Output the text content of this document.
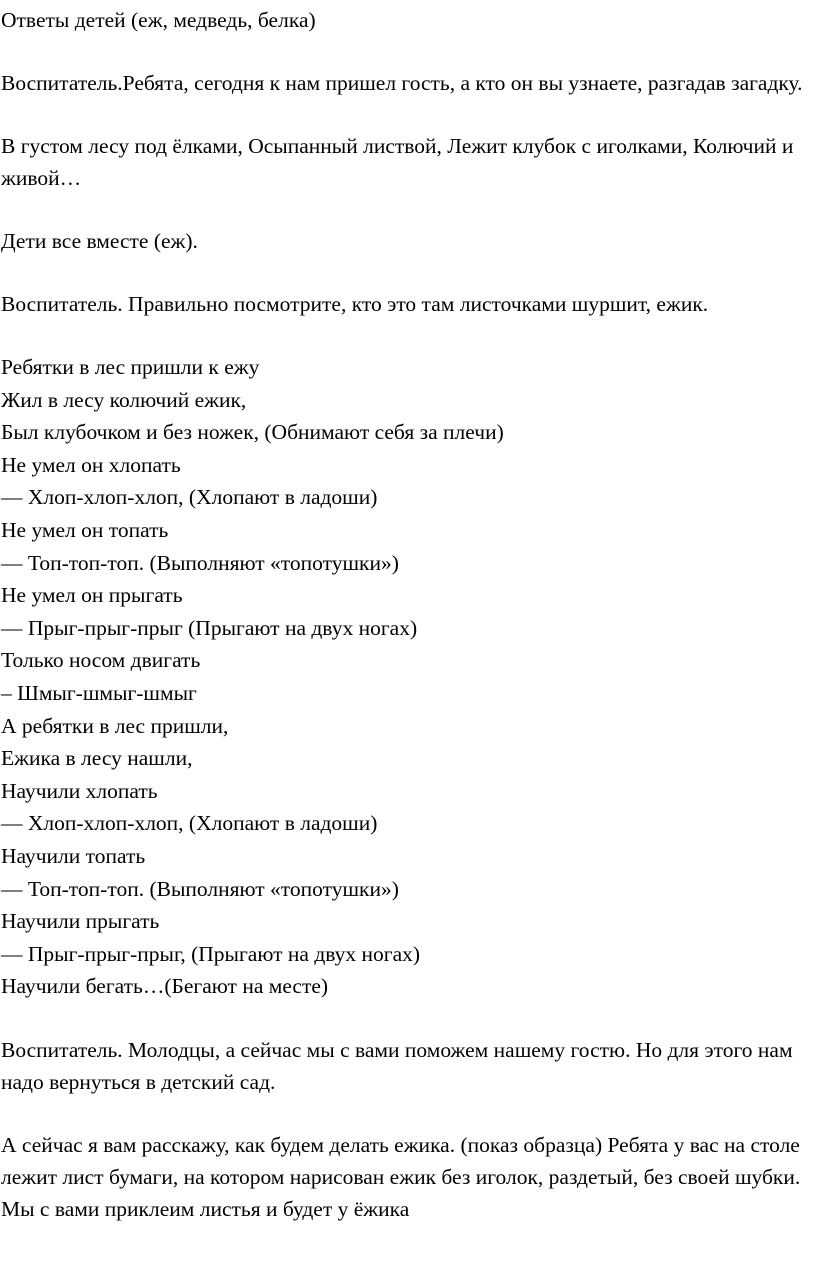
Ответы детей (еж, медведь, белка)

Воспитатель.Ребята, сегодня к нам пришел гость, а кто он вы узнаете, разгадав загадку.

В густом лесу под ёлками, Осыпанный листвой, Лежит клубок с иголками, Колючий и живой…

Дети все вместе (еж).

Воспитатель. Правильно посмотрите, кто это там листочками шуршит, ежик.

Ребятки в лес пришли к ежу
Жил в лесу колючий ежик,
Был клубочком и без ножек, (Обнимают себя за плечи)
Не умел он хлопать
— Хлоп-хлоп-хлоп, (Хлопают в ладоши)
Не умел он топать
— Топ-топ-топ. (Выполняют «топотушки»)
Не умел он прыгать
— Прыг-прыг-прыг (Прыгают на двух ногах)
Только носом двигать
– Шмыг-шмыг-шмыг
А ребятки в лес пришли,
Ежика в лесу нашли,
Научили хлопать
— Хлоп-хлоп-хлоп, (Хлопают в ладоши)
Научили топать
— Топ-топ-топ. (Выполняют «топотушки»)
Научили прыгать
— Прыг-прыг-прыг, (Прыгают на двух ногах)
Научили бегать…(Бегают на месте)

Воспитатель. Молодцы, а сейчас мы с вами поможем нашему гостю. Но для этого нам надо вернуться в детский сад.

А сейчас я вам расскажу, как будем делать ежика. (показ образца) Ребята у вас на столе лежит лист бумаги, на котором нарисован ежик без иголок, раздетый, без своей шубки. Мы с вами приклеим листья и будет у ёжика
